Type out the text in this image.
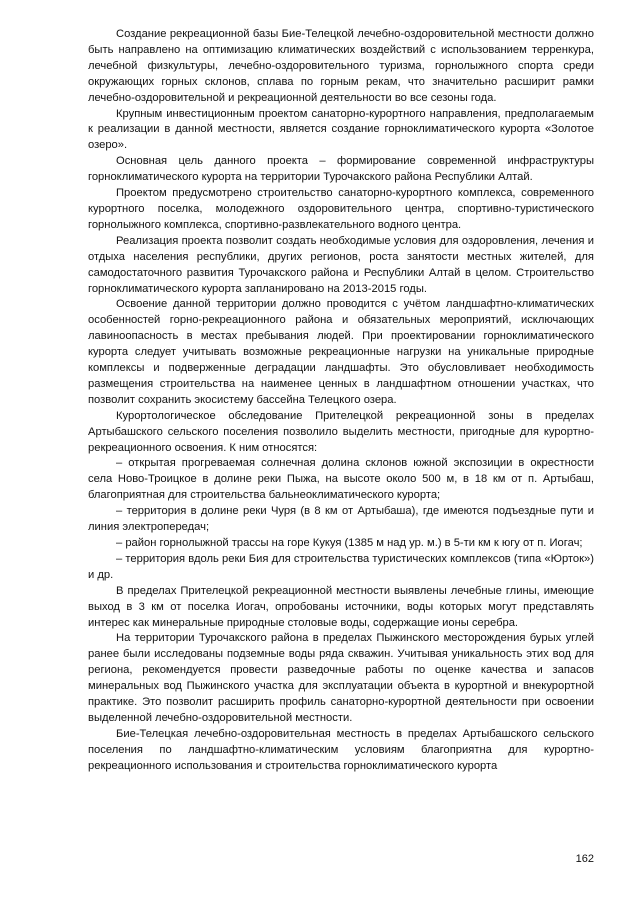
Создание рекреационной базы Бие-Телецкой лечебно-оздоровительной местности должно быть направлено на оптимизацию климатических воздействий с использованием терренкура, лечебной физкультуры, лечебно-оздоровительного туризма, горнолыжного спорта среди окружающих горных склонов, сплава по горным рекам, что значительно расширит рамки лечебно-оздоровительной и рекреационной деятельности во все сезоны года.

Крупным инвестиционным проектом санаторно-курортного направления, предполагаемым к реализации в данной местности, является создание горноклиматического курорта «Золотое озеро».

Основная цель данного проекта – формирование современной инфраструктуры горноклиматического курорта на территории Турочакского района Республики Алтай.

Проектом предусмотрено строительство санаторно-курортного комплекса, современного курортного поселка, молодежного оздоровительного центра, спортивно-туристического горнолыжного комплекса, спортивно-развлекательного водного центра.

Реализация проекта позволит создать необходимые условия для оздоровления, лечения и отдыха населения республики, других регионов, роста занятости местных жителей, для самодостаточного развития Турочакского района и Республики Алтай в целом. Строительство горноклиматического курорта запланировано на 2013-2015 годы.

Освоение данной территории должно проводится с учётом ландшафтно-климатических особенностей горно-рекреационного района и обязательных мероприятий, исключающих лавиноопасность в местах пребывания людей. При проектировании горноклиматического курорта следует учитывать возможные рекреационные нагрузки на уникальные природные комплексы и подверженные деградации ландшафты. Это обусловливает необходимость размещения строительства на наименее ценных в ландшафтном отношении участках, что позволит сохранить экосистему бассейна Телецкого озера.

Курортологическое обследование Прителецкой рекреационной зоны в пределах Артыбашского сельского поселения позволило выделить местности, пригодные для курортно-рекреационного освоения. К ним относятся:

– открытая прогреваемая солнечная долина склонов южной экспозиции в окрестности села Ново-Троицкое в долине реки Пыжа, на высоте около 500 м, в 18 км от п. Артыбаш, благоприятная для строительства бальнеоклиматического курорта;

– территория в долине реки Чуря (в 8 км от Артыбаша), где имеются подъездные пути и линия электропередач;

– район горнолыжной трассы на горе Кукуя (1385 м над ур. м.) в 5-ти км к югу от п. Иогач;

– территория вдоль реки Бия для строительства туристических комплексов (типа «Юрток») и др.

В пределах Прителецкой рекреационной местности выявлены лечебные глины, имеющие выход в 3 км от поселка Иогач, опробованы источники, воды которых могут представлять интерес как минеральные природные столовые воды, содержащие ионы серебра.

На территории Турочакского района в пределах Пыжинского месторождения бурых углей ранее были исследованы подземные воды ряда скважин. Учитывая уникальность этих вод для региона, рекомендуется провести разведочные работы по оценке качества и запасов минеральных вод Пыжинского участка для эксплуатации объекта в курортной и внекурортной практике. Это позволит расширить профиль санаторно-курортной деятельности при освоении выделенной лечебно-оздоровительной местности.

Бие-Телецкая лечебно-оздоровительная местность в пределах Артыбашского сельского поселения по ландшафтно-климатическим условиям благоприятна для курортно-рекреационного использования и строительства горноклиматического курорта

162
